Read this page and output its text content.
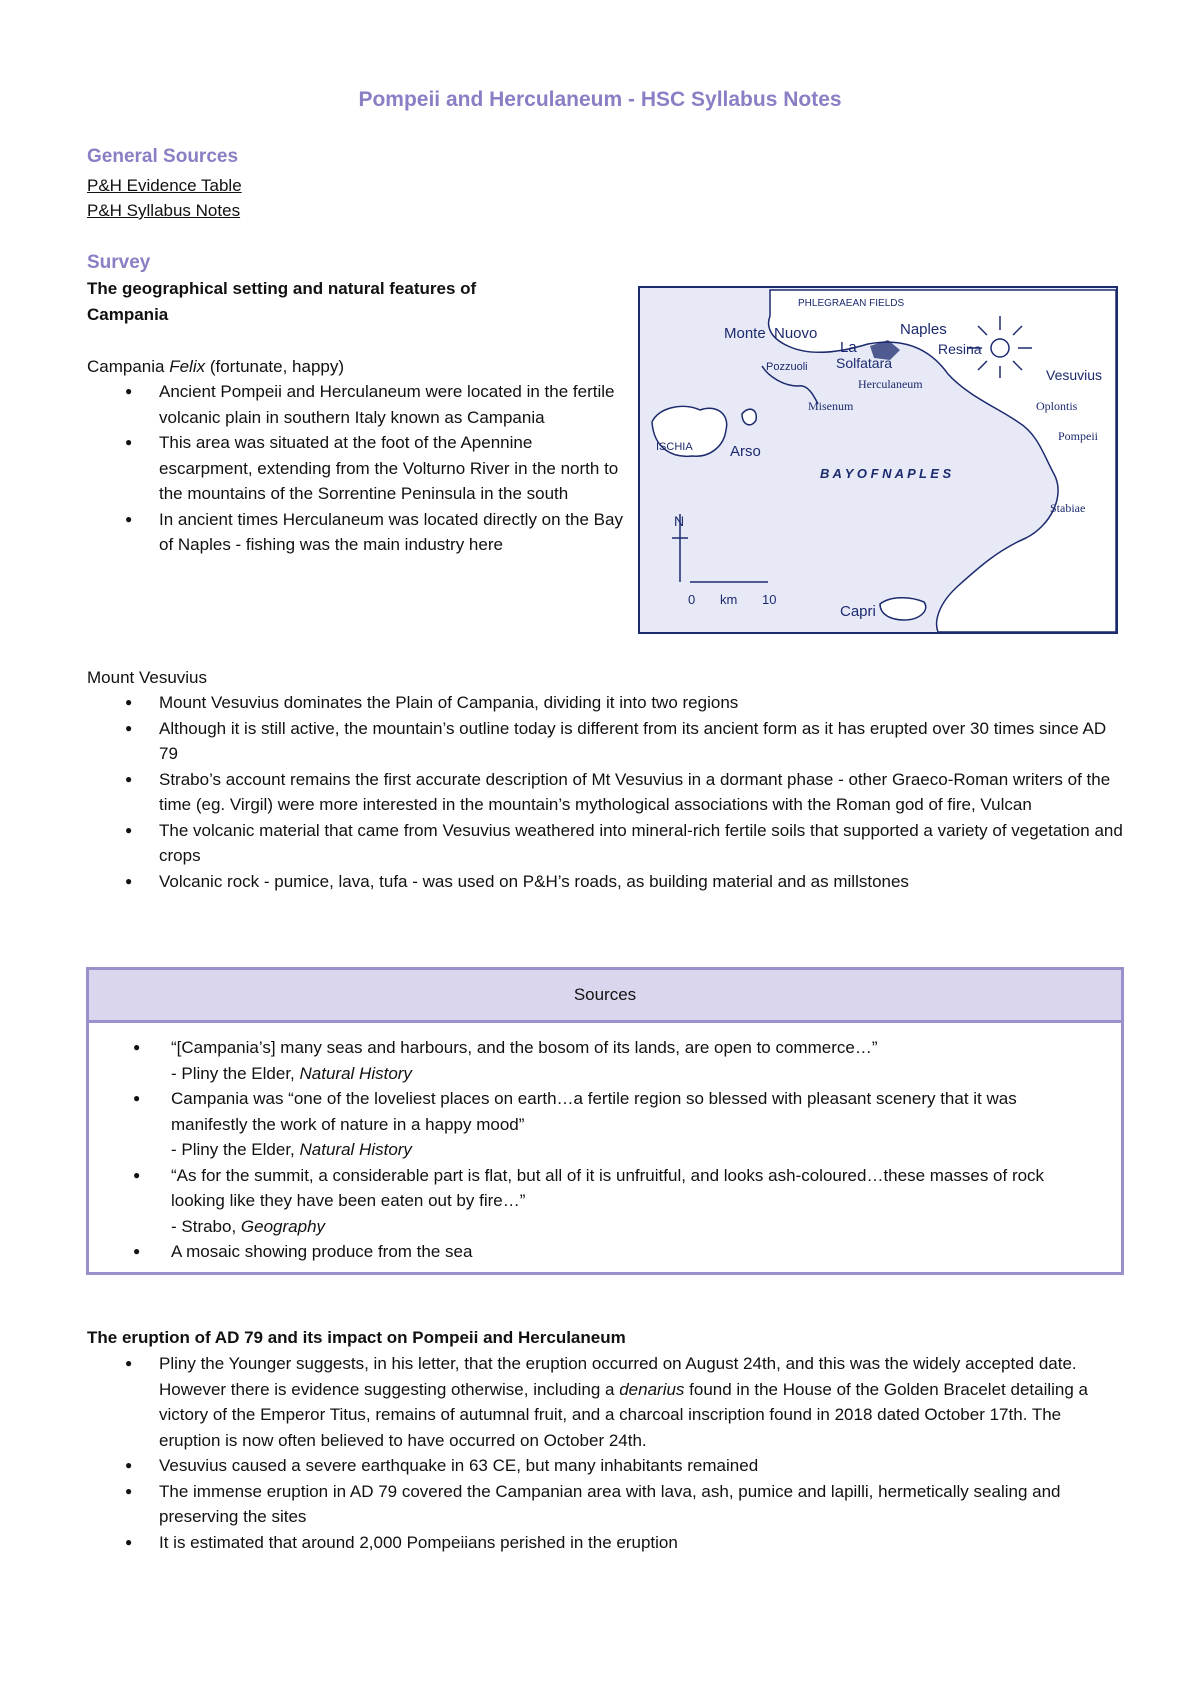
Pompeii and Herculaneum - HSC Syllabus Notes
General Sources
P&H Evidence Table
P&H Syllabus Notes
Survey
The geographical setting and natural features of
Campania
Campania Felix (fortunate, happy)
● Ancient Pompeii and Herculaneum were located in the fertile volcanic plain in southern Italy known as Campania
● This area was situated at the foot of the Apennine escarpment, extending from the Volturno River in the north to the mountains of the Sorrentine Peninsula in the south
● In ancient times Herculaneum was located directly on the Bay of Naples - fishing was the main industry here
PHLEGRAEAN FIELDS
Monte Nuovo	Naples
La
Solfatara
Resina
Vesuvius
Pozzuoli
Herculaneum
Misenum	Oplontis
Pompeii
ISCHIA Arso
B A Y O F N A P L E S
Stabiae
N
0 km 10
Capri
Mount Vesuvius
● Mount Vesuvius dominates the Plain of Campania, dividing it into two regions
● Although it is still active, the mountain’s outline today is different from its ancient form as it has erupted over 30 times since AD 79
● Strabo’s account remains the first accurate description of Mt Vesuvius in a dormant phase - other Graeco-Roman writers of the time (eg. Virgil) were more interested in the mountain’s mythological associations with the Roman god of fire, Vulcan
● The volcanic material that came from Vesuvius weathered into mineral-rich fertile soils that supported a variety of vegetation and crops
● Volcanic rock - pumice, lava, tufa - was used on P&H’s roads, as building material and as millstones
Sources
● “[Campania’s] many seas and harbours, and the bosom of its lands, are open to commerce…”
- Pliny the Elder, Natural History
● Campania was “one of the loveliest places on earth…a fertile region so blessed with pleasant scenery that it was manifestly the work of nature in a happy mood”
- Pliny the Elder, Natural History
● “As for the summit, a considerable part is flat, but all of it is unfruitful, and looks ash-coloured…these masses of rock looking like they have been eaten out by fire…”
- Strabo, Geography
● A mosaic showing produce from the sea
The eruption of AD 79 and its impact on Pompeii and Herculaneum
● Pliny the Younger suggests, in his letter, that the eruption occurred on August 24th, and this was the widely accepted date. However there is evidence suggesting otherwise, including a denarius found in the House of the Golden Bracelet detailing a victory of the Emperor Titus, remains of autumnal fruit, and a charcoal inscription found in 2018 dated October 17th. The eruption is now often believed to have occurred on October 24th.
● Vesuvius caused a severe earthquake in 63 CE, but many inhabitants remained
● The immense eruption in AD 79 covered the Campanian area with lava, ash, pumice and lapilli, hermetically sealing and preserving the sites
● It is estimated that around 2,000 Pompeiians perished in the eruption
